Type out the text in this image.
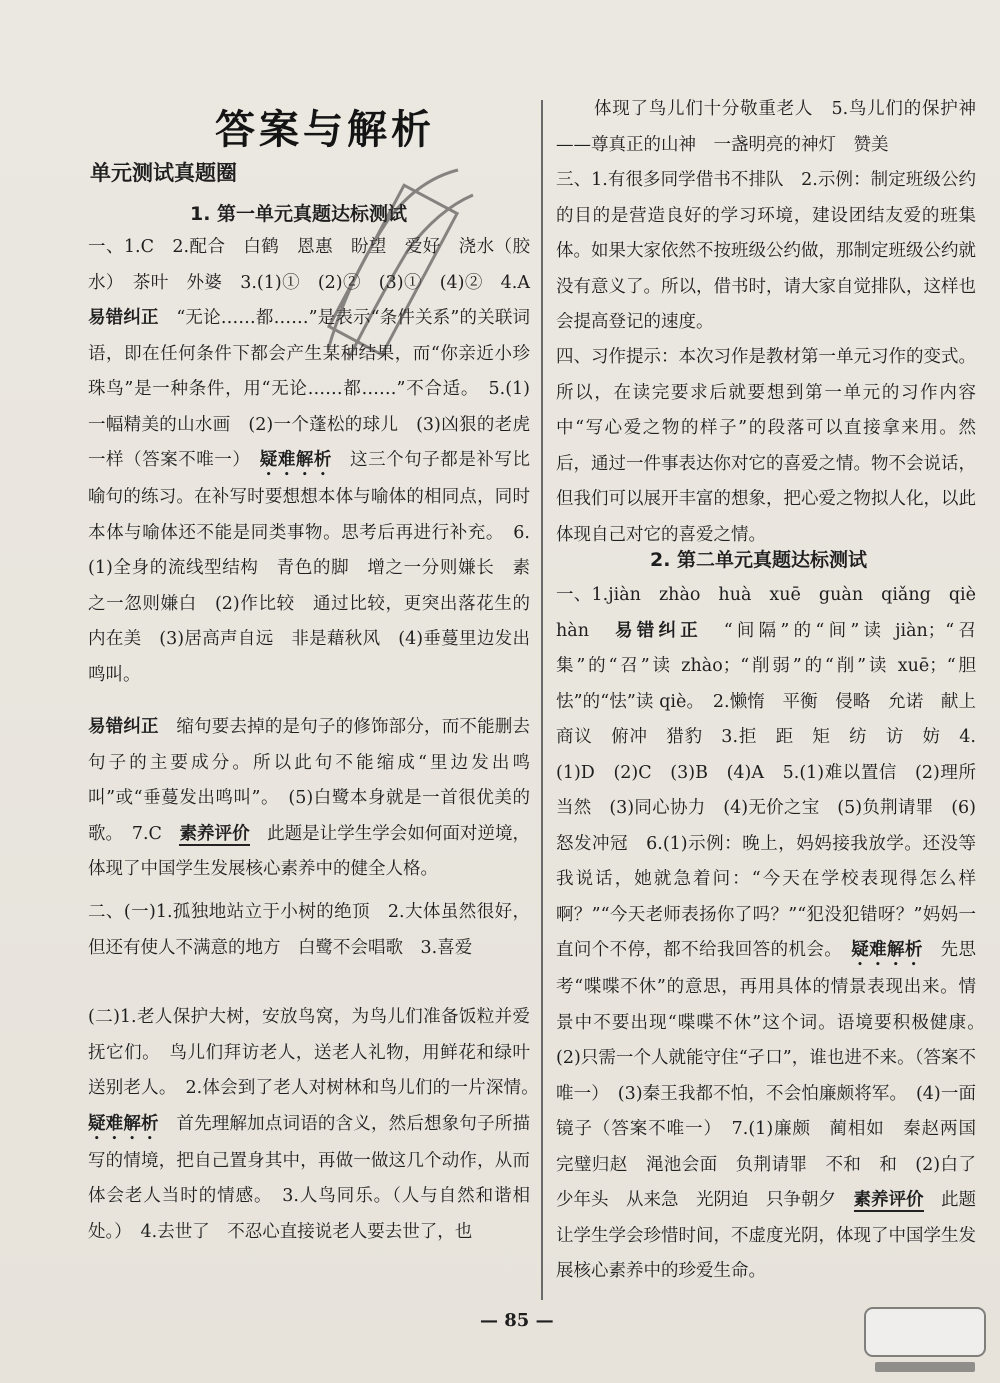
答案与解析
单元测试真题圈
1. 第一单元真题达标测试
一、1.C　2.配合　白鹤　恩惠　盼望　爱好　浇水（胶水）　茶叶　外婆　3.(1)①　(2)②　(3)①　(4)②　4.A　易错纠正　“无论……都……”是表示“条件关系”的关联词语，即在任何条件下都会产生某种结果，而“你亲近小珍珠鸟”是一种条件，用“无论……都……”不合适。　5.(1)一幅精美的山水画　(2)一个蓬松的球儿　(3)凶狠的老虎一样（答案不唯一）　疑难解析　这三个句子都是补写比喻句的练习。在补写时要想想本体与喻体的相同点，同时本体与喻体还不能是同类事物。思考后再进行补充。　6.(1)全身的流线型结构　青色的脚　增之一分则嫌长　素之一忽则嫌白　(2)作比较　通过比较，更突出落花生的内在美　(3)居高声自远　非是藉秋风　(4)垂蔓里边发出鸣叫。
易错纠正　缩句要去掉的是句子的修饰部分，而不能删去句子的主要成分。所以此句不能缩成“里边发出鸣叫”或“垂蔓发出鸣叫”。　(5)白鹭本身就是一首很优美的歌。　7.C　素养评价　此题是让学生学会如何面对逆境，体现了中国学生发展核心素养中的健全人格。
二、(一)1.孤独地站立于小树的绝顶　2.大体虽然很好，但还有使人不满意的地方　白鹭不会唱歌　3.喜爱
(二)1.老人保护大树，安放鸟窝，为鸟儿们准备饭粒并爱抚它们。　鸟儿们拜访老人，送老人礼物，用鲜花和绿叶送别老人。　2.体会到了老人对树林和鸟儿们的一片深情。　疑难解析　首先理解加点词语的含义，然后想象句子所描写的情境，把自己置身其中，再做一做这几个动作，从而体会老人当时的情感。　3.人鸟同乐。（人与自然和谐相处。）　4.去世了　不忍心直接说老人要去世了，也
体现了鸟儿们十分敬重老人　5.鸟儿们的保护神——尊真正的山神　一盏明亮的神灯　赞美
三、1.有很多同学借书不排队　2.示例：制定班级公约的目的是营造良好的学习环境，建设团结友爱的班集体。如果大家依然不按班级公约做，那制定班级公约就没有意义了。所以，借书时，请大家自觉排队，这样也会提高登记的速度。
四、习作提示：本次习作是教材第一单元习作的变式。所以，在读完要求后就要想到第一单元的习作内容中“写心爱之物的样子”的段落可以直接拿来用。然后，通过一件事表达你对它的喜爱之情。物不会说话，但我们可以展开丰富的想象，把心爱之物拟人化，以此体现自己对它的喜爱之情。
2. 第二单元真题达标测试
一、1.jiàn　zhào　huà　xuē　guàn　qiǎng　qiè　hàn　易错纠正　“间隔”的“间”读 jiàn；“召集”的“召”读 zhào；“削弱”的“削”读 xuē；“胆怯”的“怯”读 qiè。　2.懒惰　平衡　侵略　允诺　献上　商议　俯冲　猎豹　3.拒　距　矩　纺　访　妨　4.(1)D　(2)C　(3)B　(4)A　5.(1)难以置信　(2)理所当然　(3)同心协力　(4)无价之宝　(5)负荆请罪　(6)怒发冲冠　6.(1)示例：晚上，妈妈接我放学。还没等我说话，她就急着问：“今天在学校表现得怎么样啊？”“今天老师表扬你了吗？”“犯没犯错呀？”妈妈一直问个不停，都不给我回答的机会。　疑难解析　先思考“喋喋不休”的意思，再用具体的情景表现出来。情景中不要出现“喋喋不休”这个词。语境要积极健康。　(2)只需一个人就能守住“孑口”，谁也进不来。（答案不唯一）　(3)秦王我都不怕，不会怕廉颇将军。　(4)一面镜子（答案不唯一）　7.(1)廉颇　蔺相如　秦赵两国　完璧归赵　渑池会面　负荆请罪　不和　和　(2)白了少年头　从来急　光阴迫　只争朝夕　素养评价　此题让学生学会珍惜时间，不虚度光阴，体现了中国学生发展核心素养中的珍爱生命。
— 85 —
